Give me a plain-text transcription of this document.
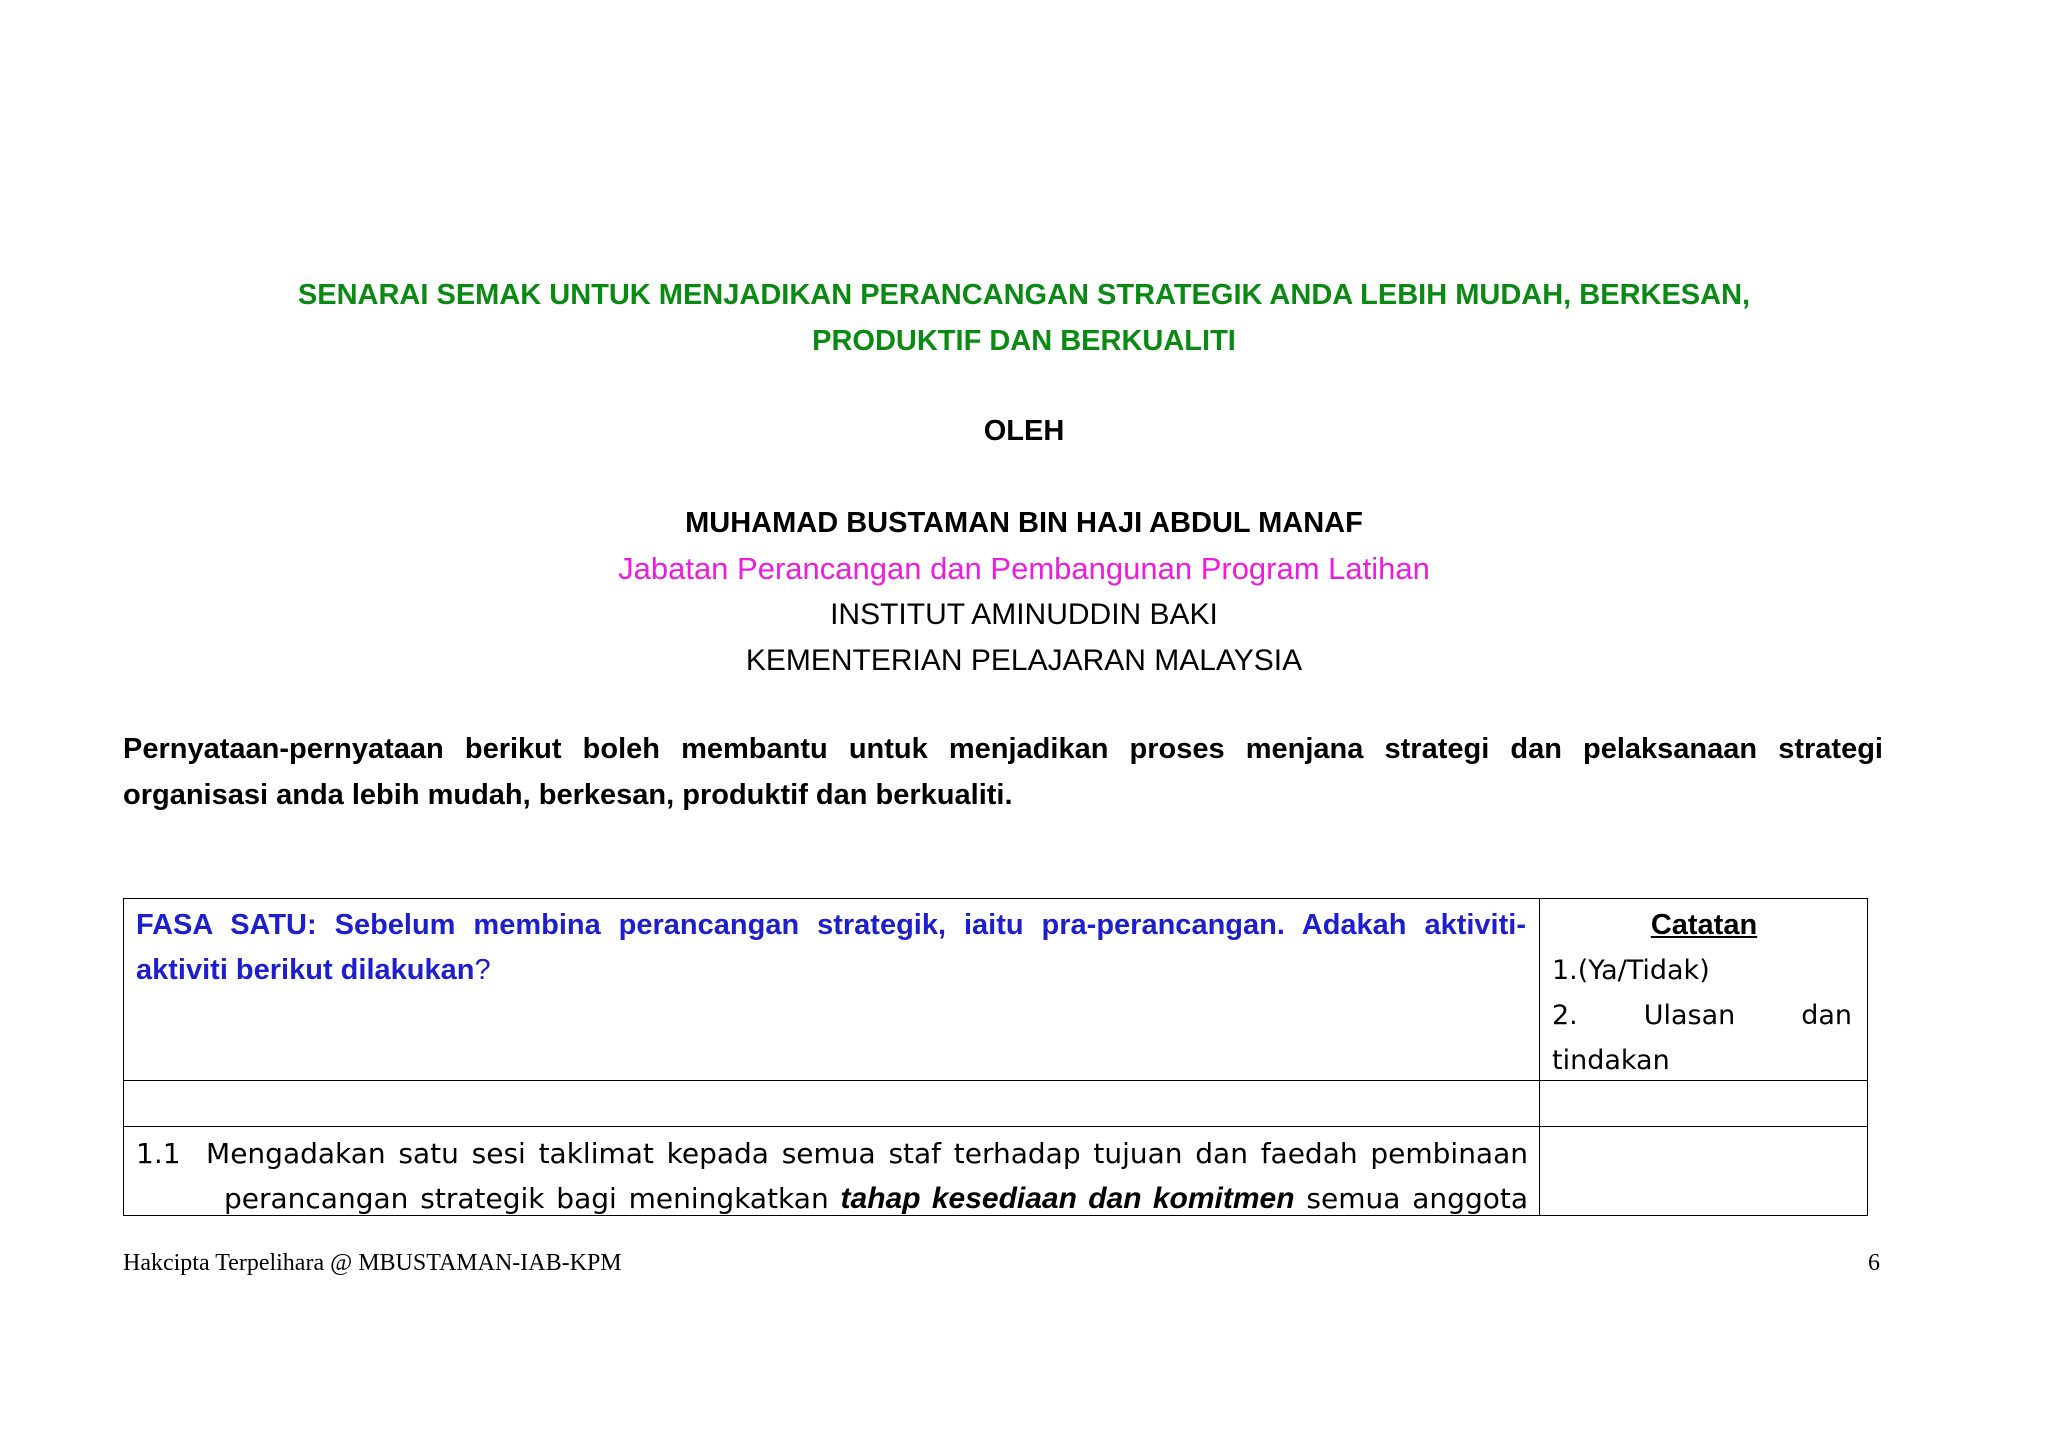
SENARAI SEMAK UNTUK MENJADIKAN PERANCANGAN STRATEGIK ANDA LEBIH MUDAH, BERKESAN,
PRODUKTIF DAN BERKUALITI
OLEH
MUHAMAD BUSTAMAN BIN HAJI ABDUL MANAF
Jabatan Perancangan dan Pembangunan Program Latihan
INSTITUT AMINUDDIN BAKI
KEMENTERIAN PELAJARAN MALAYSIA
Pernyataan-pernyataan berikut boleh membantu untuk menjadikan proses menjana strategi dan pelaksanaan strategi organisasi anda lebih mudah, berkesan, produktif dan berkualiti.
FASA SATU: Sebelum membina perancangan strategik, iaitu pra-perancangan. Adakah aktiviti-aktiviti berikut dilakukan?
Catatan
1.(Ya/Tidak)
2. Ulasan dan
tindakan
1.1 Mengadakan satu sesi taklimat kepada semua staf terhadap tujuan dan faedah pembinaan
perancangan strategik bagi meningkatkan tahap kesediaan dan komitmen semua anggota
Hakcipta Terpelihara @ MBUSTAMAN-IAB-KPM	6
